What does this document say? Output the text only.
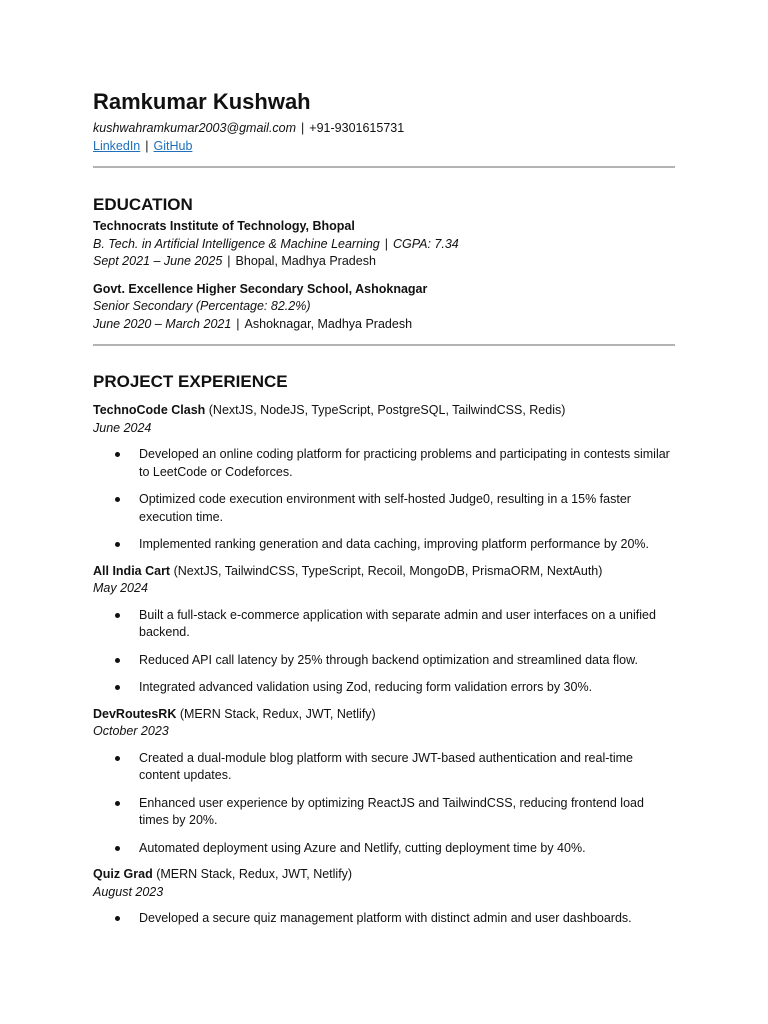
Ramkumar Kushwah
kushwahramkumar2003@gmail.com | +91-9301615731
LinkedIn | GitHub
EDUCATION
Technocrats Institute of Technology, Bhopal
B. Tech. in Artificial Intelligence & Machine Learning | CGPA: 7.34
Sept 2021 – June 2025 | Bhopal, Madhya Pradesh
Govt. Excellence Higher Secondary School, Ashoknagar
Senior Secondary (Percentage: 82.2%)
June 2020 – March 2021 | Ashoknagar, Madhya Pradesh
PROJECT EXPERIENCE
TechnoCode Clash (NextJS, NodeJS, TypeScript, PostgreSQL, TailwindCSS, Redis)
June 2024
Developed an online coding platform for practicing problems and participating in contests similar to LeetCode or Codeforces.
Optimized code execution environment with self-hosted Judge0, resulting in a 15% faster execution time.
Implemented ranking generation and data caching, improving platform performance by 20%.
All India Cart (NextJS, TailwindCSS, TypeScript, Recoil, MongoDB, PrismaORM, NextAuth)
May 2024
Built a full-stack e-commerce application with separate admin and user interfaces on a unified backend.
Reduced API call latency by 25% through backend optimization and streamlined data flow.
Integrated advanced validation using Zod, reducing form validation errors by 30%.
DevRoutesRK (MERN Stack, Redux, JWT, Netlify)
October 2023
Created a dual-module blog platform with secure JWT-based authentication and real-time content updates.
Enhanced user experience by optimizing ReactJS and TailwindCSS, reducing frontend load times by 20%.
Automated deployment using Azure and Netlify, cutting deployment time by 40%.
Quiz Grad (MERN Stack, Redux, JWT, Netlify)
August 2023
Developed a secure quiz management platform with distinct admin and user dashboards.
